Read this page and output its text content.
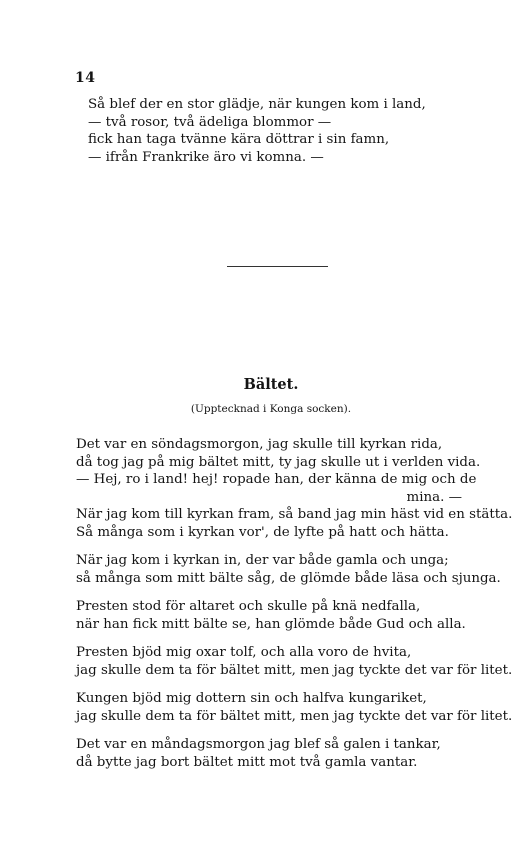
14
Så blef der en stor glädje, när kungen kom i land,
— två rosor, två ädeliga blommor —
fick han taga tvänne kära döttrar i sin famn,
— ifrån Frankrike äro vi komna. —
Bältet.
(Upptecknad i Konga socken).
Det var en söndagsmorgon, jag skulle till kyrkan rida,
då tog jag på mig bältet mitt, ty jag skulle ut i verlden vida.
— Hej, ro i land! hej! ropade han, der känna de mig och de
mina. —
När jag kom till kyrkan fram, så band jag min häst vid en stätta.
Så många som i kyrkan vor', de lyfte på hatt och hätta.
När jag kom i kyrkan in, der var både gamla och unga;
så många som mitt bälte såg, de glömde både läsa och sjunga.
Presten stod för altaret och skulle på knä nedfalla,
när han fick mitt bälte se, han glömde både Gud och alla.
Presten bjöd mig oxar tolf, och alla voro de hvita,
jag skulle dem ta för bältet mitt, men jag tyckte det var för litet.
Kungen bjöd mig dottern sin och halfva kungariket,
jag skulle dem ta för bältet mitt, men jag tyckte det var för litet.
Det var en måndagsmorgon jag blef så galen i tankar,
då bytte jag bort bältet mitt mot två gamla vantar.
